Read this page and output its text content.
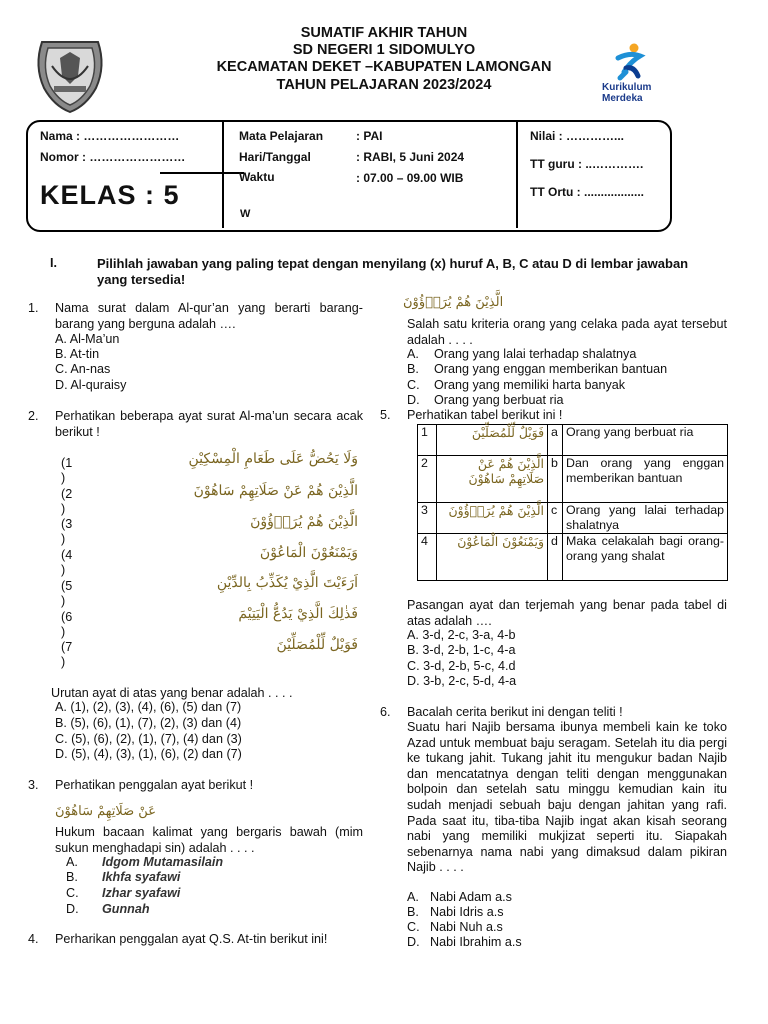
SUMATIF AKHIR TAHUN
SD NEGERI 1 SIDOMULYO
KECAMATAN DEKET –KABUPATEN LAMONGAN
TAHUN PELAJARAN 2023/2024	Kurikulum
Merdeka
Nama : ……………………
Nomor : ……………………
KELAS : 5
Mata Pelajaran	: PAI
Hari/Tanggal	: RABI, 5 Juni 2024
Waktu	: 07.00 – 09.00 WIB
W
Nilai : …………...
TT guru : ..………….
TT Ortu : ..................
I.	Pilihlah jawaban yang paling tepat dengan menyilang (x) huruf A, B, C atau D di lembar jawaban yang tersedia!
1. Nama surat dalam Al-qur’an yang berarti barang-barang yang berguna adalah ….
A. Al-Ma’un
B. At-tin
C. An-nas
D. Al-quraisy
2. Perhatikan beberapa ayat surat Al-ma’un secara acak berikut !
(1
)
وَلَا يَحُضُّ عَلَى طَعَامِ الْمِسْكِيْنِ
(2
)
الَّذِيْنَ هُمْ عَنْ صَلَاتِهِمْ سَاهُوْنَ
(3
)
الَّذِيْنَ هُمْ يُرَاۤؤُوْنَ
(4
)
وَيَمْنَعُوْنَ الْمَاعُوْنَ
(5
)
اَرَءَيْتَ الَّذِيْ يُكَذِّبُ بِالدِّيْنِ
(6
)
فَذٰلِكَ الَّذِيْ يَدُعُّ الْيَتِيْمَ
(7
)
فَوَيْلٌ لِّلْمُصَلِّيْنَ
Urutan ayat di atas yang benar adalah . . . .
A. (1), (2), (3), (4), (6), (5) dan (7)
B. (5), (6), (1), (7), (2), (3) dan (4)
C. (5), (6), (2), (1), (7), (4) dan (3)
D. (5), (4), (3), (1), (6), (2) dan (7)
3. Perhatikan penggalan ayat berikut !
عَنْ صَلَاتِهِمْ سَاهُوْنَ
Hukum bacaan kalimat yang bergaris bawah (mim sukun menghadapi sin) adalah . . . .
A. Idgom Mutamasilain
B. Ikhfa syafawi
C. Izhar syafawi
D. Gunnah
4. Perharikan penggalan ayat Q.S. At-tin berikut ini!
الَّذِيْنَ هُمْ يُرَاۤؤُوْنَ
Salah satu kriteria orang yang celaka pada ayat tersebut adalah . . . .
A. Orang yang lalai terhadap shalatnya
B. Orang yang enggan memberikan bantuan
C. Orang yang memiliki harta banyak
D. Orang yang berbuat ria
5. Perhatikan tabel berikut ini !
1	فَوَيْلٌ لِّلْمُصَلِّيْنَ	a	Orang yang berbuat ria
2	الَّذِيْنَ هُمْ عَنْ صَلَاتِهِمْ سَاهُوْنَ	b	Dan orang yang enggan memberikan bantuan
3	الَّذِيْنَ هُمْ يُرَاۤؤُوْنَ	c	Orang yang lalai terhadap shalatnya
4	وَيَمْنَعُوْنَ الْمَاعُوْنَ	d	Maka celakalah bagi orang-orang yang shalat
Pasangan ayat dan terjemah yang benar pada tabel di atas adalah ….
A. 3-d, 2-c, 3-a, 4-b
B. 3-d, 2-b, 1-c, 4-a
C. 3-d, 2-b, 5-c, 4.d
D. 3-b, 2-c, 5-d, 4-a
6. Bacalah cerita berikut ini dengan teliti !
Suatu hari Najib bersama ibunya membeli kain ke toko Azad untuk membuat baju seragam. Setelah itu dia pergi ke tukang jahit. Tukang jahit itu mengukur badan Najib dan mencatatnya dengan teliti dengan menggunakan bolpoin dan setelah satu minggu kemudian kain itu sudah menjadi sebuah baju dengan jahitan yang rafi. Pada saat itu, tiba-tiba Najib ingat akan kisah seorang nabi yang memiliki mukjizat seperti itu. Siapakah sebenarnya nama nabi yang dimaksud dalam pikiran Najib . . . .
A. Nabi Adam a.s
B. Nabi Idris a.s
C. Nabi Nuh a.s
D. Nabi Ibrahim a.s
